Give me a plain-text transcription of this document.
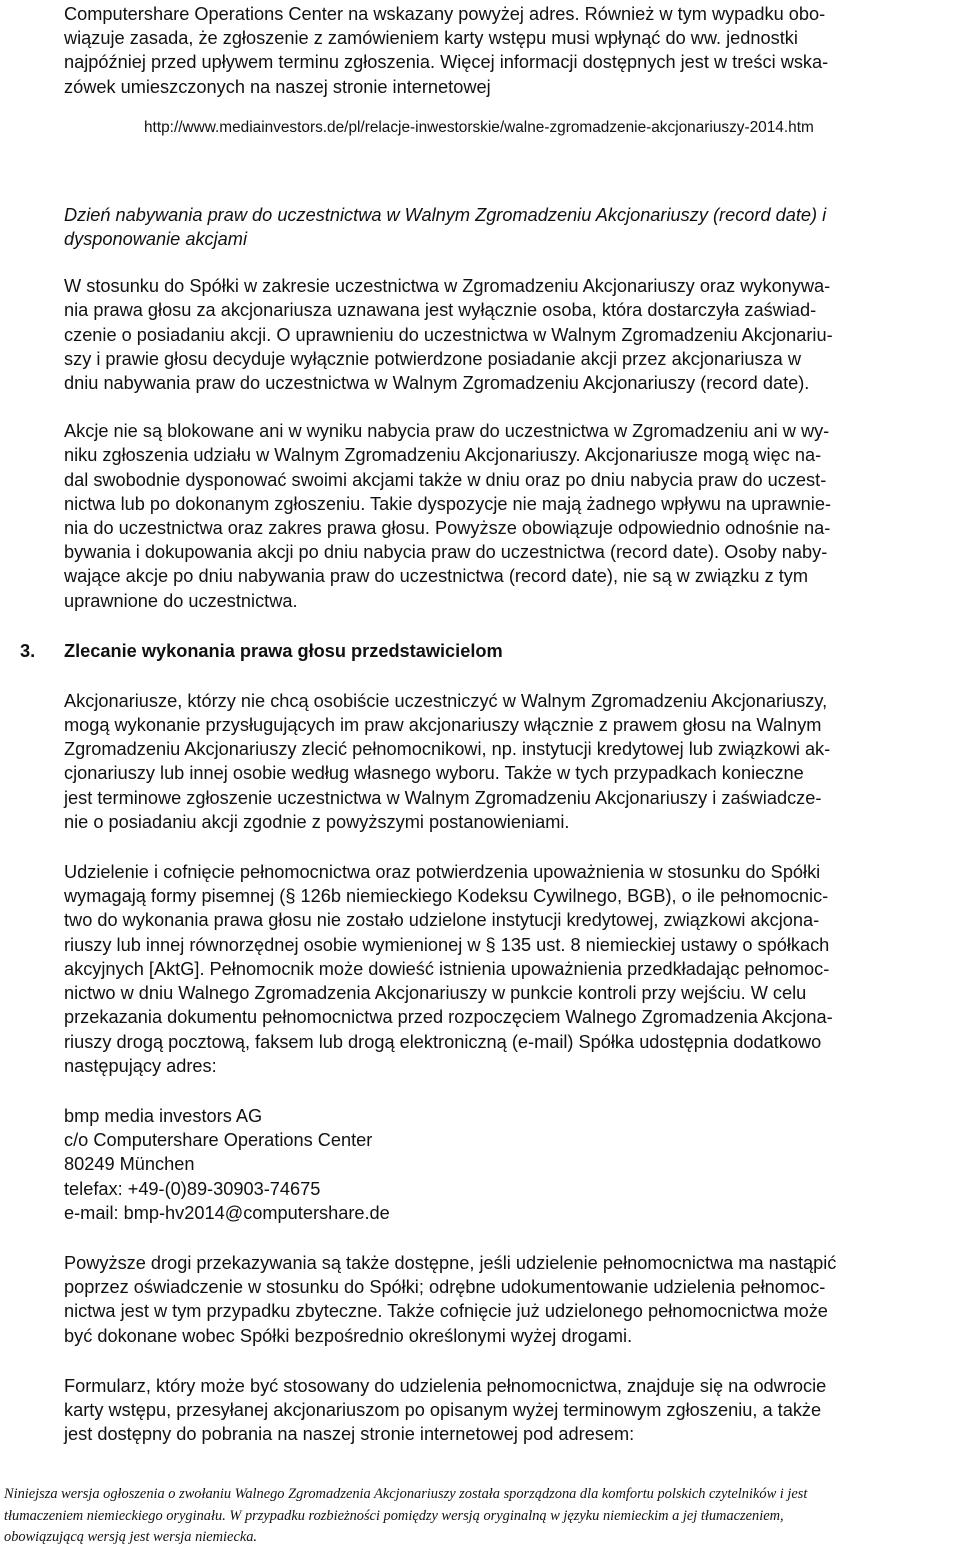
Computershare Operations Center na wskazany powyżej adres. Również w tym wypadku obo-
wiązuje zasada, że zgłoszenie z zamówieniem karty wstępu musi wpłynąć do ww. jednostki
najpóźniej przed upływem terminu zgłoszenia. Więcej informacji dostępnych jest w treści wska-
zówek umieszczonych na naszej stronie internetowej
http://www.mediainvestors.de/pl/relacje-inwestorskie/walne-zgromadzenie-akcjonariuszy-2014.htm
Dzień nabywania praw do uczestnictwa w Walnym Zgromadzeniu Akcjonariuszy (record date) i
dysponowanie akcjami
W stosunku do Spółki w zakresie uczestnictwa w Zgromadzeniu Akcjonariuszy oraz wykonywa-
nia prawa głosu za akcjonariusza uznawana jest wyłącznie osoba, która dostarczyła zaświad-
czenie o posiadaniu akcji. O uprawnieniu do uczestnictwa w Walnym Zgromadzeniu Akcjonariu-
szy i prawie głosu decyduje wyłącznie potwierdzone posiadanie akcji przez akcjonariusza w
dniu nabywania praw do uczestnictwa w Walnym Zgromadzeniu Akcjonariuszy (record date).
Akcje nie są blokowane ani w wyniku nabycia praw do uczestnictwa w Zgromadzeniu ani w wy-
niku zgłoszenia udziału w Walnym Zgromadzeniu Akcjonariuszy. Akcjonariusze mogą więc na-
dal swobodnie dysponować swoimi akcjami także w dniu oraz po dniu nabycia praw do uczest-
nictwa lub po dokonanym zgłoszeniu. Takie dyspozycje nie mają żadnego wpływu na uprawnie-
nia do uczestnictwa oraz zakres prawa głosu. Powyższe obowiązuje odpowiednio odnośnie na-
bywania i dokupowania akcji po dniu nabycia praw do uczestnictwa (record date). Osoby naby-
wające akcje po dniu nabywania praw do uczestnictwa (record date), nie są w związku z tym
uprawnione do uczestnictwa.
3. Zlecanie wykonania prawa głosu przedstawicielom
Akcjonariusze, którzy nie chcą osobiście uczestniczyć w Walnym Zgromadzeniu Akcjonariuszy,
mogą wykonanie przysługujących im praw akcjonariuszy włącznie z prawem głosu na Walnym
Zgromadzeniu Akcjonariuszy zlecić pełnomocnikowi, np. instytucji kredytowej lub związkowi ak-
cjonariuszy lub innej osobie według własnego wyboru. Także w tych przypadkach konieczne
jest terminowe zgłoszenie uczestnictwa w Walnym Zgromadzeniu Akcjonariuszy i zaświadcze-
nie o posiadaniu akcji zgodnie z powyższymi postanowieniami.
Udzielenie i cofnięcie pełnomocnictwa oraz potwierdzenia upoważnienia w stosunku do Spółki
wymagają formy pisemnej (§ 126b niemieckiego Kodeksu Cywilnego, BGB), o ile pełnomocnic-
two do wykonania prawa głosu nie zostało udzielone instytucji kredytowej, związkowi akcjona-
riuszy lub innej równorzędnej osobie wymienionej w § 135 ust. 8 niemieckiej ustawy o spółkach
akcyjnych [AktG]. Pełnomocnik może dowieść istnienia upoważnienia przedkładając pełnomoc-
nictwo w dniu Walnego Zgromadzenia Akcjonariuszy w punkcie kontroli przy wejściu. W celu
przekazania dokumentu pełnomocnictwa przed rozpoczęciem Walnego Zgromadzenia Akcjona-
riuszy drogą pocztową, faksem lub drogą elektroniczną (e-mail) Spółka udostępnia dodatkowo
następujący adres:
bmp media investors AG
c/o Computershare Operations Center
80249 München
telefax: +49-(0)89-30903-74675
e-mail: bmp-hv2014@computershare.de
Powyższe drogi przekazywania są także dostępne, jeśli udzielenie pełnomocnictwa ma nastąpić
poprzez oświadczenie w stosunku do Spółki; odrębne udokumentowanie udzielenia pełnomoc-
nictwa jest w tym przypadku zbyteczne. Także cofnięcie już udzielonego pełnomocnictwa może
być dokonane wobec Spółki bezpośrednio określonymi wyżej drogami.
Formularz, który może być stosowany do udzielenia pełnomocnictwa, znajduje się na odwrocie
karty wstępu, przesyłanej akcjonariuszom po opisanym wyżej terminowym zgłoszeniu, a także
jest dostępny do pobrania na naszej stronie internetowej pod adresem:
Niniejsza wersja ogłoszenia o zwołaniu Walnego Zgromadzenia Akcjonariuszy została sporządzona dla komfortu polskich czytelników i jest
tłumaczeniem niemieckiego oryginału. W przypadku rozbieżności pomiędzy wersją oryginalną w języku niemieckim a jej tłumaczeniem,
obowiązującą wersją jest wersja niemiecka.
